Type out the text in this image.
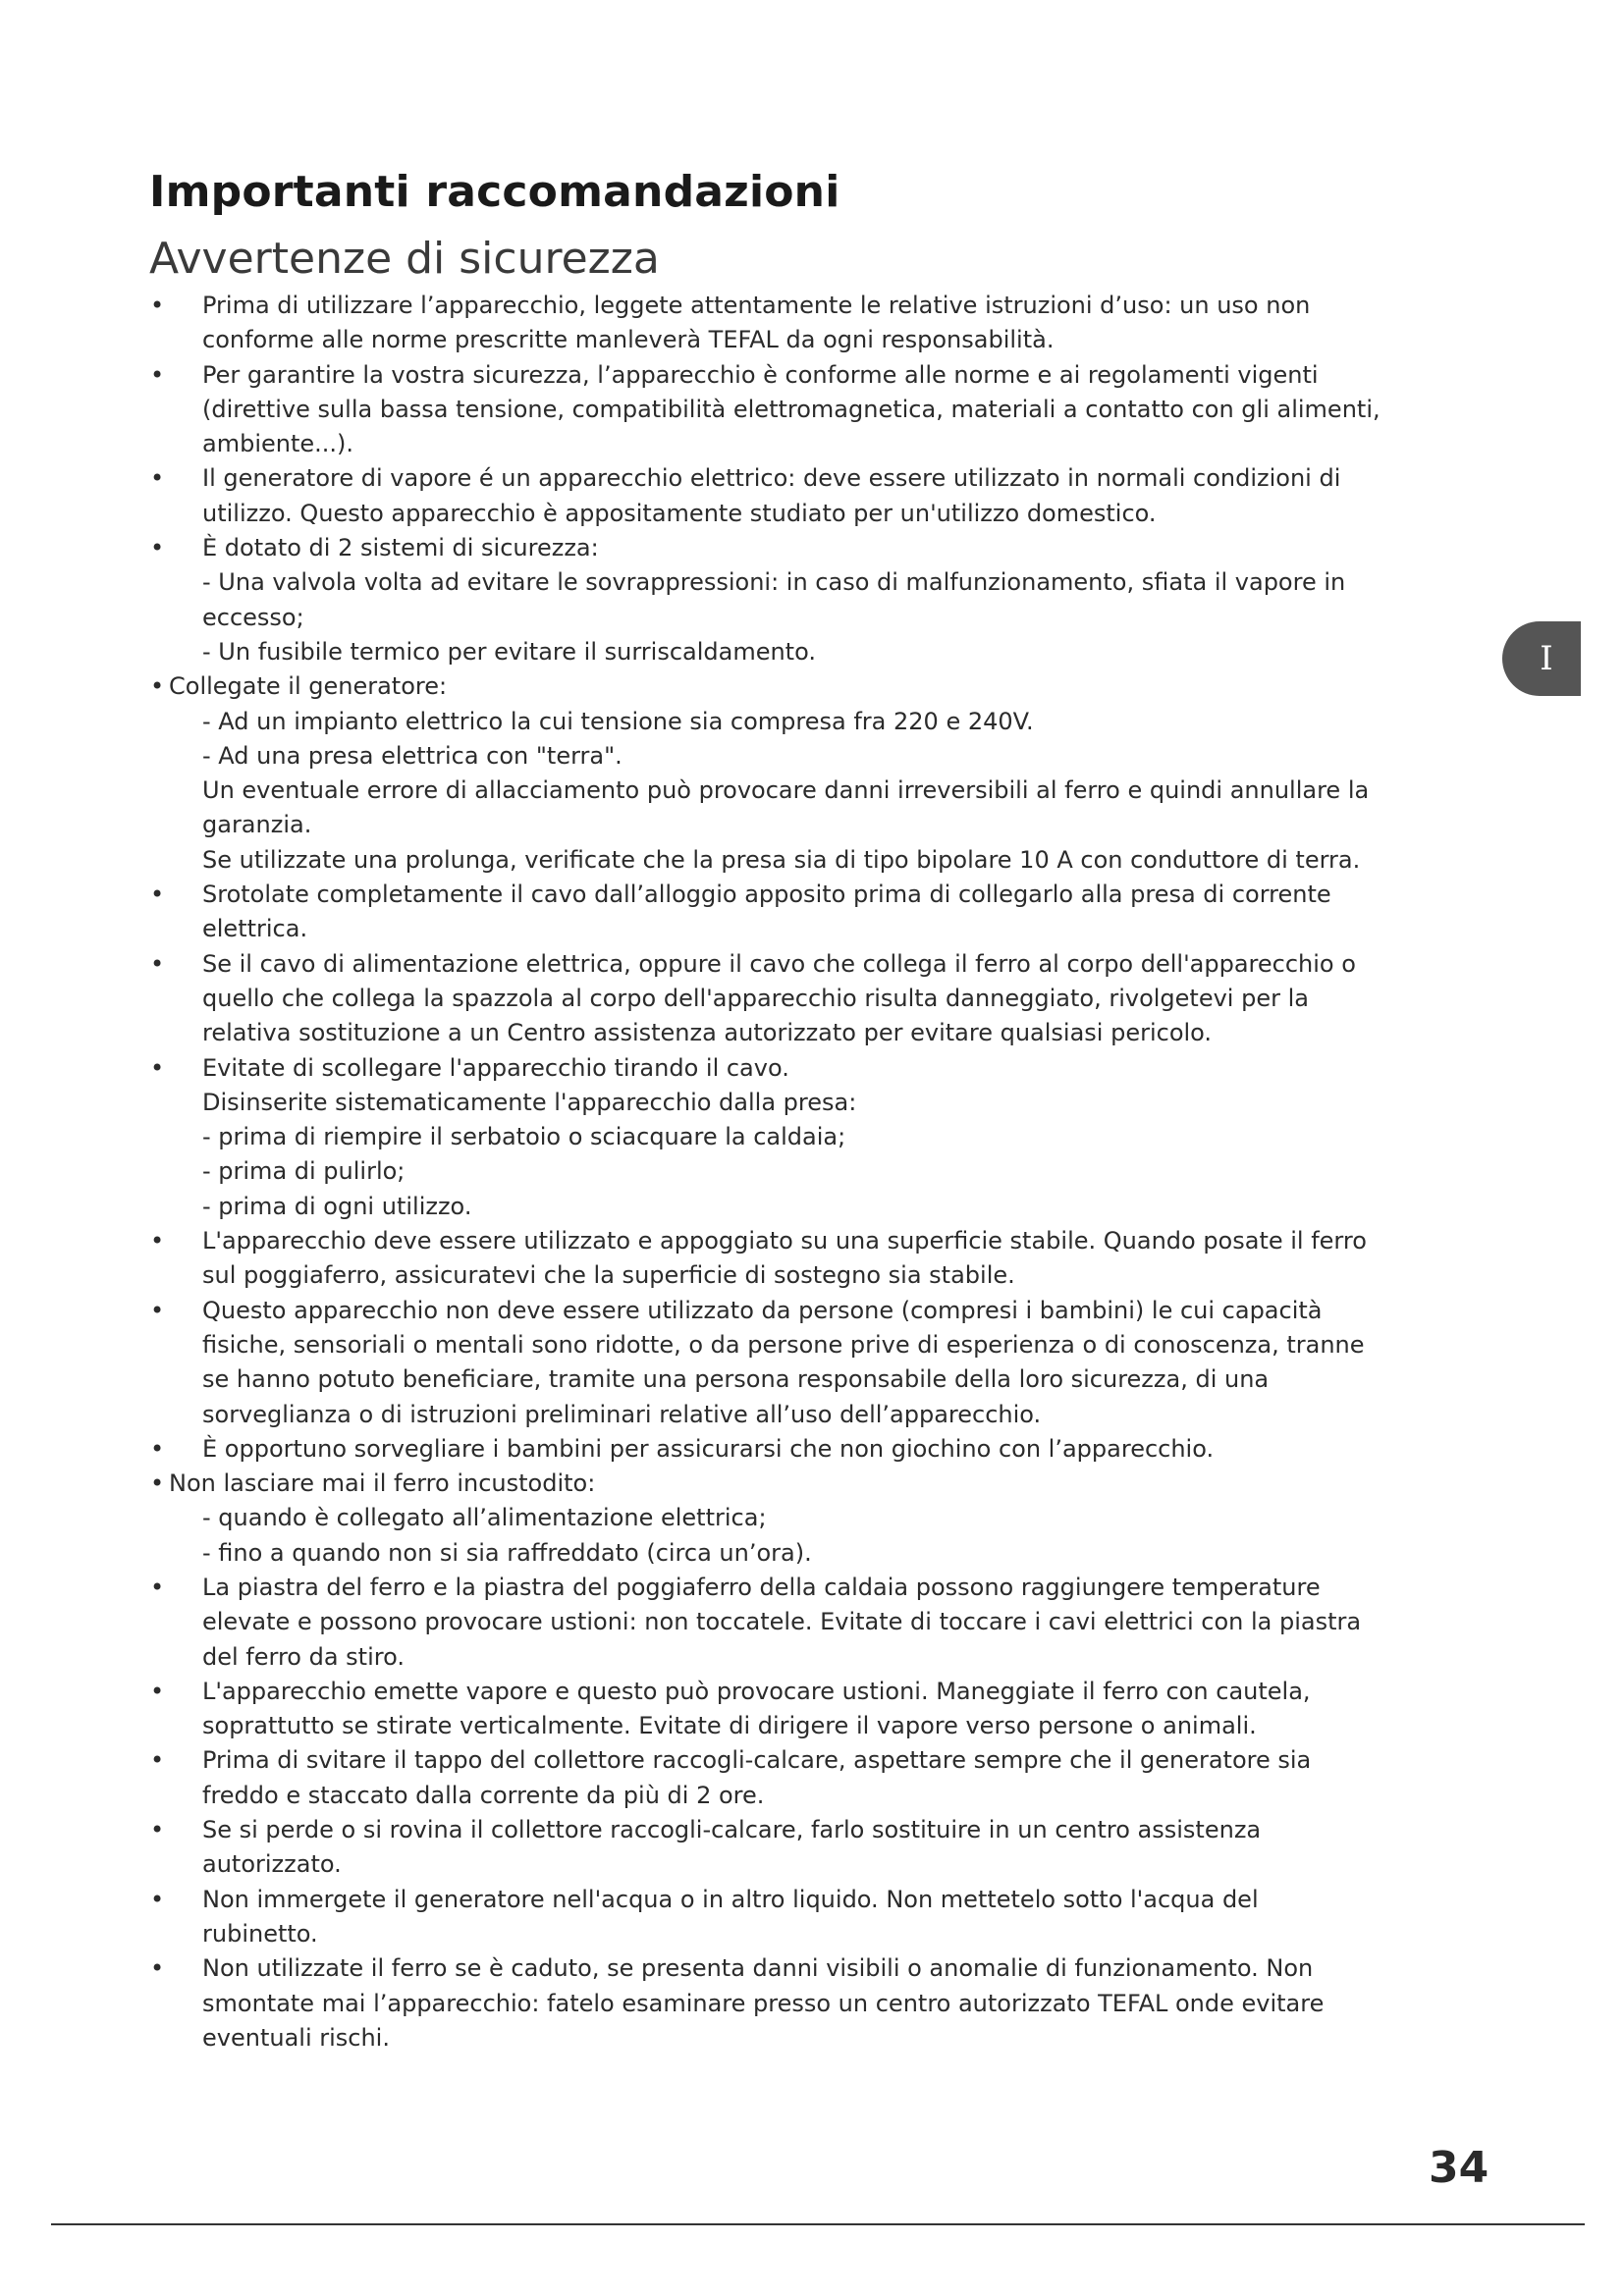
Importanti raccomandazioni
Avvertenze di sicurezza
I

• Prima di utilizzare l’apparecchio, leggete attentamente le relative istruzioni d’uso: un uso non

conforme alle norme prescritte manleverà TEFAL da ogni responsabilità.

• Per garantire la vostra sicurezza, l’apparecchio è conforme alle norme e ai regolamenti vigenti

(direttive sulla bassa tensione, compatibilità elettromagnetica, materiali a contatto con gli alimenti,

ambiente...).

• Il generatore di vapore é un apparecchio elettrico: deve essere utilizzato in normali condizioni di

utilizzo. Questo apparecchio è appositamente studiato per un'utilizzo domestico.

• È dotato di 2 sistemi di sicurezza:

- Una valvola volta ad evitare le sovrappressioni: in caso di malfunzionamento, sfiata il vapore in

eccesso;

- Un fusibile termico per evitare il surriscaldamento.

• Collegate il generatore:

- Ad un impianto elettrico la cui tensione sia compresa fra 220 e 240V.

- Ad una presa elettrica con "terra".

Un eventuale errore di allacciamento può provocare danni irreversibili al ferro e quindi annullare la

garanzia.

Se utilizzate una prolunga, verificate che la presa sia di tipo bipolare 10 A con conduttore di terra.

• Srotolate completamente il cavo dall’alloggio apposito prima di collegarlo alla presa di corrente

elettrica.

• Se il cavo di alimentazione elettrica, oppure il cavo che collega il ferro al corpo dell'apparecchio o

quello che collega la spazzola al corpo dell'apparecchio risulta danneggiato, rivolgetevi per la

relativa sostituzione a un Centro assistenza autorizzato per evitare qualsiasi pericolo.

• Evitate di scollegare l'apparecchio tirando il cavo.

Disinserite sistematicamente l'apparecchio dalla presa:

- prima di riempire il serbatoio o sciacquare la caldaia;

- prima di pulirlo;

- prima di ogni utilizzo.

• L'apparecchio deve essere utilizzato e appoggiato su una superficie stabile. Quando posate il ferro

sul poggiaferro, assicuratevi che la superficie di sostegno sia stabile.

• Questo apparecchio non deve essere utilizzato da persone (compresi i bambini) le cui capacità

fisiche, sensoriali o mentali sono ridotte, o da persone prive di esperienza o di conoscenza, tranne

se hanno potuto beneficiare, tramite una persona responsabile della loro sicurezza, di una

sorveglianza o di istruzioni preliminari relative all’uso dell’apparecchio.

• È opportuno sorvegliare i bambini per assicurarsi che non giochino con l’apparecchio.

• Non lasciare mai il ferro incustodito:

- quando è collegato all’alimentazione elettrica;

- fino a quando non si sia raffreddato (circa un’ora).

• La piastra del ferro e la piastra del poggiaferro della caldaia possono raggiungere temperature

elevate e possono provocare ustioni: non toccatele. Evitate di toccare i cavi elettrici con la piastra

del ferro da stiro.

• L'apparecchio emette vapore e questo può provocare ustioni. Maneggiate il ferro con cautela,

soprattutto se stirate verticalmente. Evitate di dirigere il vapore verso persone o animali.

• Prima di svitare il tappo del collettore raccogli-calcare, aspettare sempre che il generatore sia

freddo e staccato dalla corrente da più di 2 ore.

• Se si perde o si rovina il collettore raccogli-calcare, farlo sostituire in un centro assistenza

autorizzato.

• Non immergete il generatore nell'acqua o in altro liquido. Non mettetelo sotto l'acqua del

rubinetto.

• Non utilizzate il ferro se è caduto, se presenta danni visibili o anomalie di funzionamento. Non

smontate mai l’apparecchio: fatelo esaminare presso un centro autorizzato TEFAL onde evitare

eventuali rischi.

34
